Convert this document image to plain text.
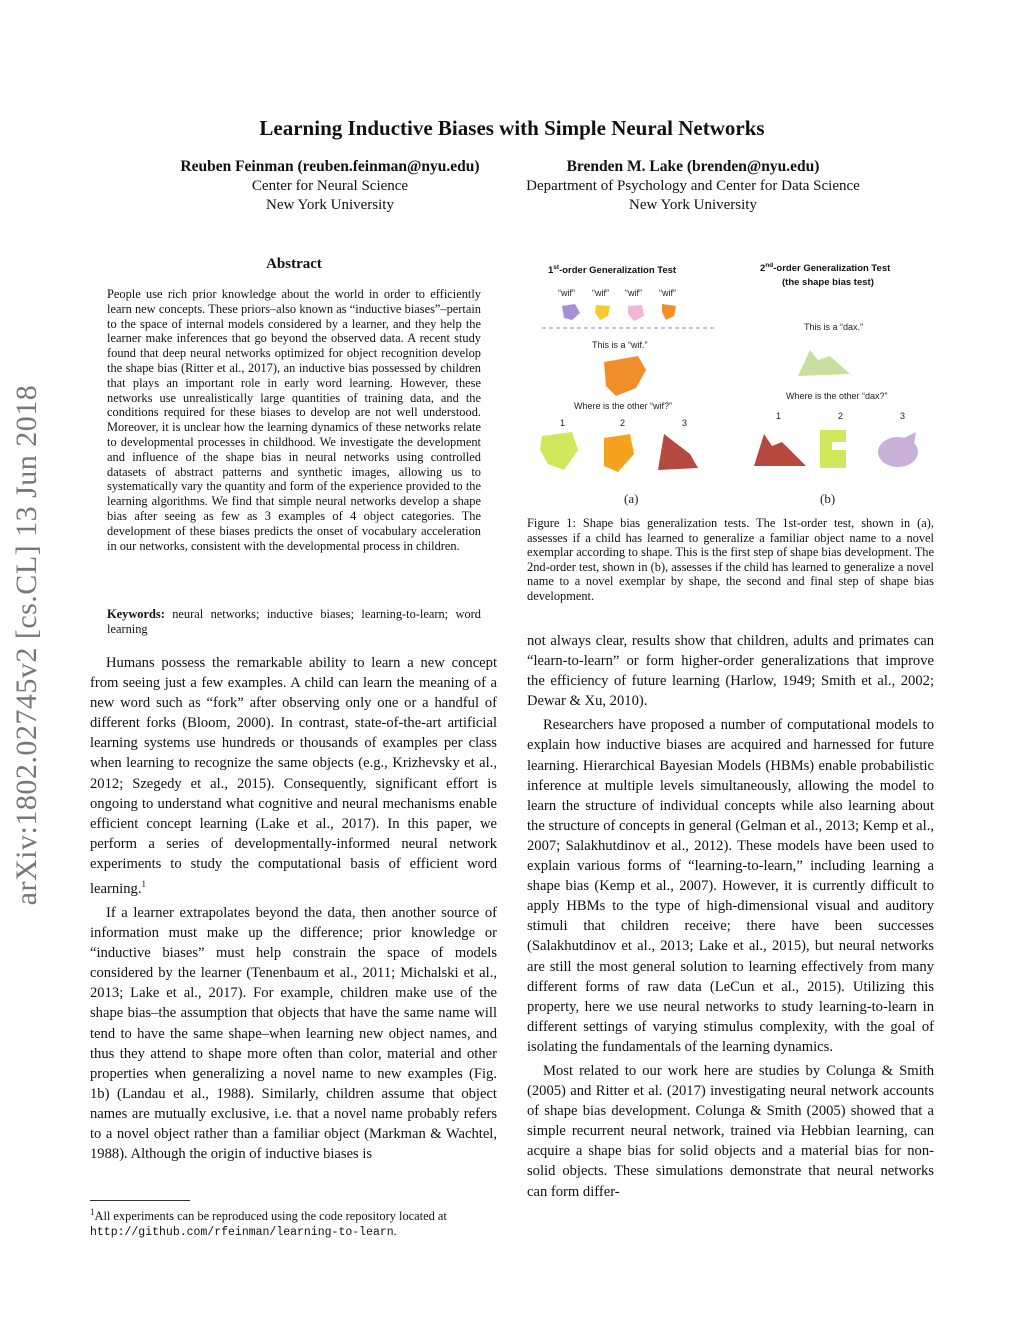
arXiv:1802.02745v2 [cs.CL] 13 Jun 2018
Learning Inductive Biases with Simple Neural Networks
Reuben Feinman (reuben.feinman@nyu.edu)
Center for Neural Science
New York University
Brenden M. Lake (brenden@nyu.edu)
Department of Psychology and Center for Data Science
New York University
Abstract
People use rich prior knowledge about the world in order to efficiently learn new concepts. These priors–also known as “inductive biases”–pertain to the space of internal models considered by a learner, and they help the learner make inferences that go beyond the observed data. A recent study found that deep neural networks optimized for object recognition develop the shape bias (Ritter et al., 2017), an inductive bias possessed by children that plays an important role in early word learning. However, these networks use unrealistically large quantities of training data, and the conditions required for these biases to develop are not well understood. Moreover, it is unclear how the learning dynamics of these networks relate to developmental processes in childhood. We investigate the development and influence of the shape bias in neural networks using controlled datasets of abstract patterns and synthetic images, allowing us to systematically vary the quantity and form of the experience provided to the learning algorithms. We find that simple neural networks develop a shape bias after seeing as few as 3 examples of 4 object categories. The development of these biases predicts the onset of vocabulary acceleration in our networks, consistent with the developmental process in children.
Keywords: neural networks; inductive biases; learning-to-learn; word learning

Humans possess the remarkable ability to learn a new concept from seeing just a few examples. A child can learn the meaning of a new word such as “fork” after observing only one or a handful of different forks (Bloom, 2000). In contrast, state-of-the-art artificial learning systems use hundreds or thousands of examples per class when learning to recognize the same objects (e.g., Krizhevsky et al., 2012; Szegedy et al., 2015). Consequently, significant effort is ongoing to understand what cognitive and neural mechanisms enable efficient concept learning (Lake et al., 2017). In this paper, we perform a series of developmentally-informed neural network experiments to study the computational basis of efficient word learning.$^1$

If a learner extrapolates beyond the data, then another source of information must make up the difference; prior knowledge or “inductive biases” must help constrain the space of models considered by the learner (Tenenbaum et al., 2011; Michalski et al., 2013; Lake et al., 2017). For example, children make use of the shape bias–the assumption that objects that have the same name will tend to have the same shape–when learning new object names, and thus they attend to shape more often than color, material and other properties when generalizing a novel name to new examples (Fig. 1b) (Landau et al., 1988). Similarly, children assume that object names are mutually exclusive, i.e. that a novel name probably refers to a novel object rather than a familiar object (Markman & Wachtel, 1988). Although the origin of inductive biases is

$^1$All experiments can be reproduced using the code repository located at http://github.com/rfeinman/learning-to-learn.
1st-order Generalization Test
“wif” “wif” “wif” “wif”
This is a “wif.”
Where is the other “wif?”
1	2	3
2nd-order Generalization Test
(the shape bias test)
This is a “dax.”
Where is the other “dax?”
1	2	3
(a)	(b)
Figure 1: Shape bias generalization tests. The 1st-order test, shown in (a), assesses if a child has learned to generalize a familiar object name to a novel exemplar according to shape. This is the first step of shape bias development. The 2nd-order test, shown in (b), assesses if the child has learned to generalize a novel name to a novel exemplar by shape, the second and final step of shape bias development.

not always clear, results show that children, adults and primates can “learn-to-learn” or form higher-order generalizations that improve the efficiency of future learning (Harlow, 1949; Smith et al., 2002; Dewar & Xu, 2010).

Researchers have proposed a number of computational models to explain how inductive biases are acquired and harnessed for future learning. Hierarchical Bayesian Models (HBMs) enable probabilistic inference at multiple levels simultaneously, allowing the model to learn the structure of individual concepts while also learning about the structure of concepts in general (Gelman et al., 2013; Kemp et al., 2007; Salakhutdinov et al., 2012). These models have been used to explain various forms of “learning-to-learn,” including learning a shape bias (Kemp et al., 2007). However, it is currently difficult to apply HBMs to the type of high-dimensional visual and auditory stimuli that children receive; there have been successes (Salakhutdinov et al., 2013; Lake et al., 2015), but neural networks are still the most general solution to learning effectively from many different forms of raw data (LeCun et al., 2015). Utilizing this property, here we use neural networks to study learning-to-learn in different settings of varying stimulus complexity, with the goal of isolating the fundamentals of the learning dynamics.

Most related to our work here are studies by Colunga & Smith (2005) and Ritter et al. (2017) investigating neural network accounts of shape bias development. Colunga & Smith (2005) showed that a simple recurrent neural network, trained via Hebbian learning, can acquire a shape bias for solid objects and a material bias for non-solid objects. These simulations demonstrate that neural networks can form differ-
